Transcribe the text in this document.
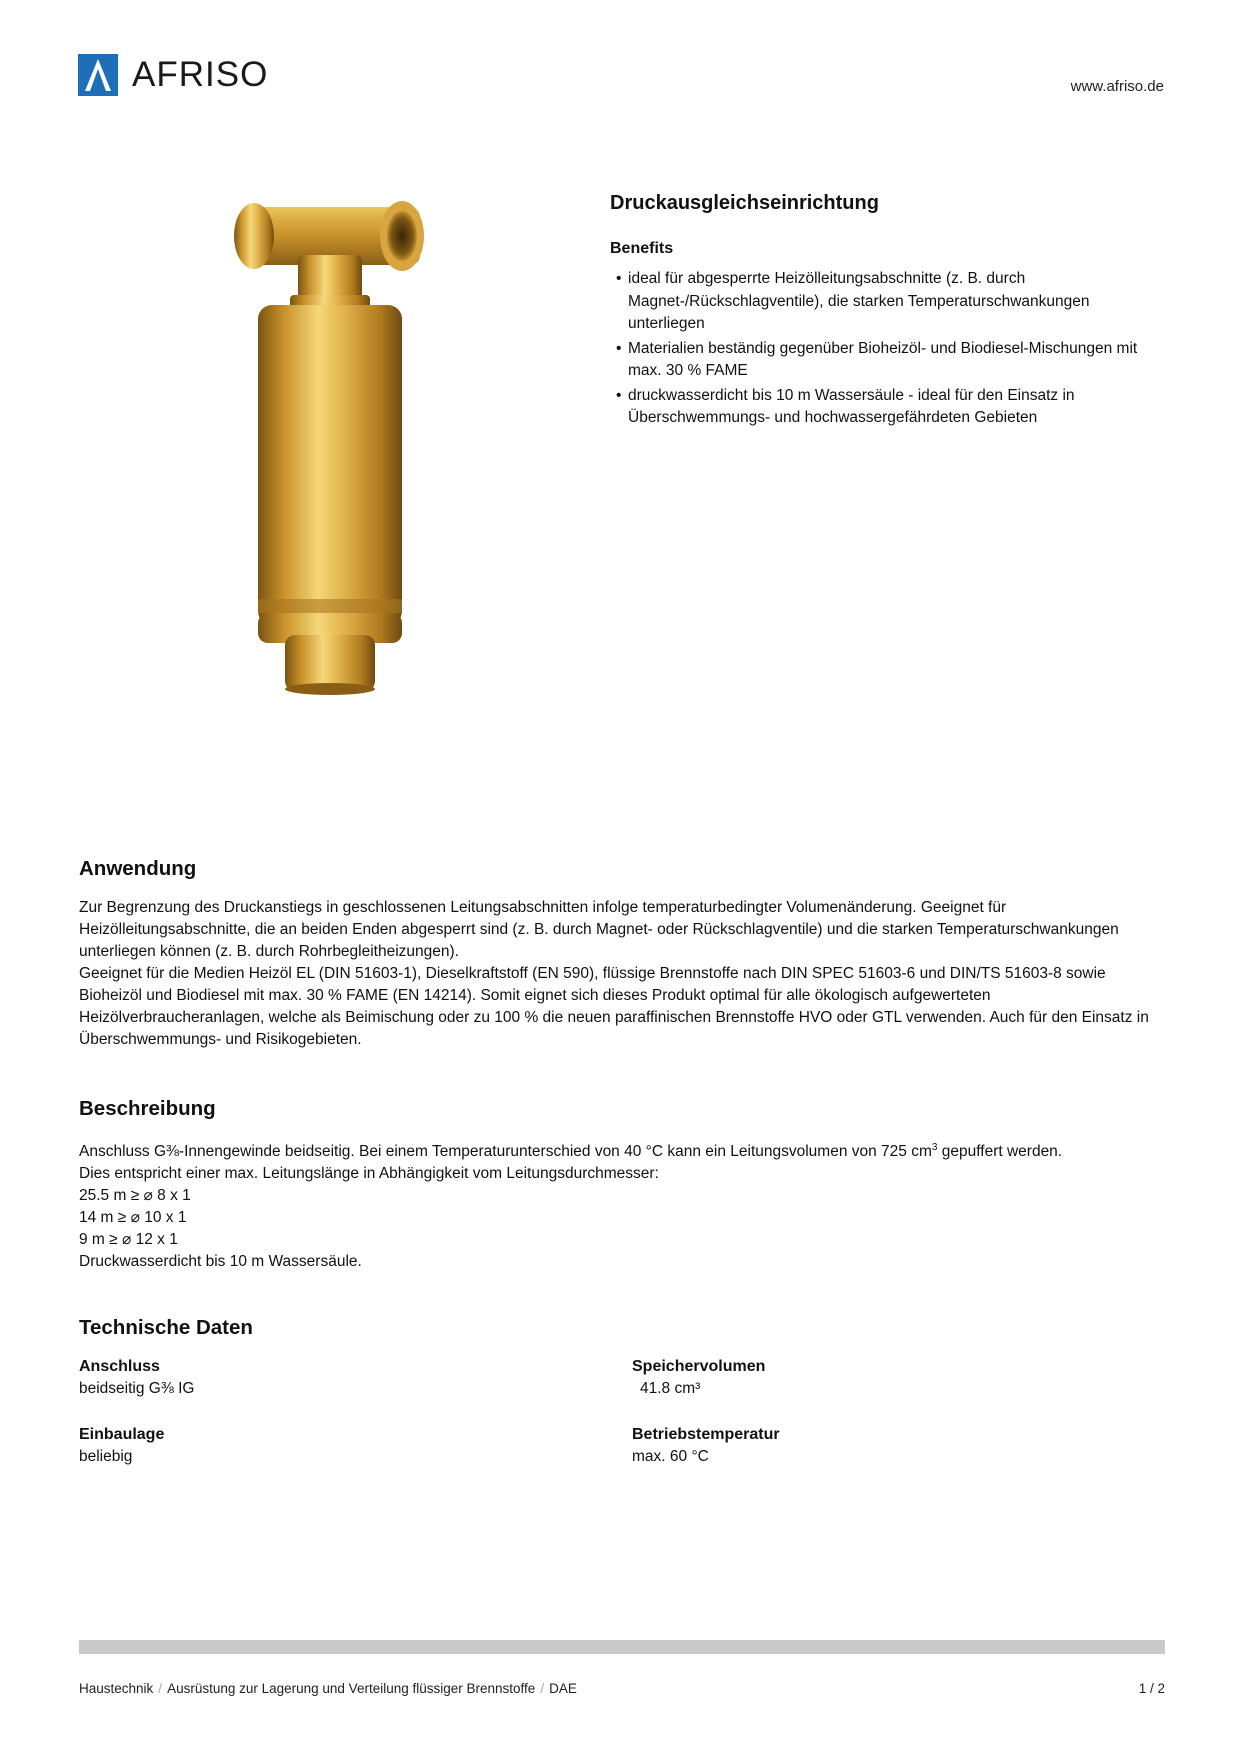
AFRISO	www.afriso.de
Druckausgleichseinrichtung
Benefits
• ideal für abgesperrte Heizölleitungsabschnitte (z. B. durch Magnet-/Rückschlagventile), die starken Temperaturschwankungen unterliegen
• Materialien beständig gegenüber Bioheizöl- und Biodiesel-Mischungen mit max. 30 % FAME
• druckwasserdicht bis 10 m Wassersäule - ideal für den Einsatz in Überschwemmungs- und hochwassergefährdeten Gebieten
Anwendung

Zur Begrenzung des Druckanstiegs in geschlossenen Leitungsabschnitten infolge temperaturbedingter Volumenänderung. Geeignet für Heizölleitungsabschnitte, die an beiden Enden abgesperrt sind (z. B. durch Magnet- oder Rückschlagventile) und die starken Temperaturschwankungen unterliegen können (z. B. durch Rohrbegleitheizungen).

Geeignet für die Medien Heizöl EL (DIN 51603-1), Dieselkraftstoff (EN 590), flüssige Brennstoffe nach DIN SPEC 51603-6 und DIN/TS 51603-8 sowie Bioheizöl und Biodiesel mit max. 30 % FAME (EN 14214). Somit eignet sich dieses Produkt optimal für alle ökologisch aufgewerteten Heizölverbraucheranlagen, welche als Beimischung oder zu 100 % die neuen paraffinischen Brennstoffe HVO oder GTL verwenden. Auch für den Einsatz in Überschwemmungs- und Risikogebieten.

Beschreibung

Anschluss G⅜-Innengewinde beidseitig. Bei einem Temperaturunterschied von 40 °C kann ein Leitungsvolumen von 725 $cm^3$ gepuffert werden.

Dies entspricht einer max. Leitungslänge in Abhängigkeit vom Leitungsdurchmesser:

25.5 m ≥ ⌀ 8 x 1

14 m ≥ ⌀ 10 x 1

9 m ≥ ⌀ 12 x 1

Druckwasserdicht bis 10 m Wassersäule.

Technische Daten
Anschluss
beidseitig G⅜ IG
Speichervolumen
41.8 cm³
Einbaulage
beliebig
Betriebstemperatur
max. 60 °C
Haustechnik / Ausrüstung zur Lagerung und Verteilung flüssiger Brennstoffe / DAE	1 / 2
